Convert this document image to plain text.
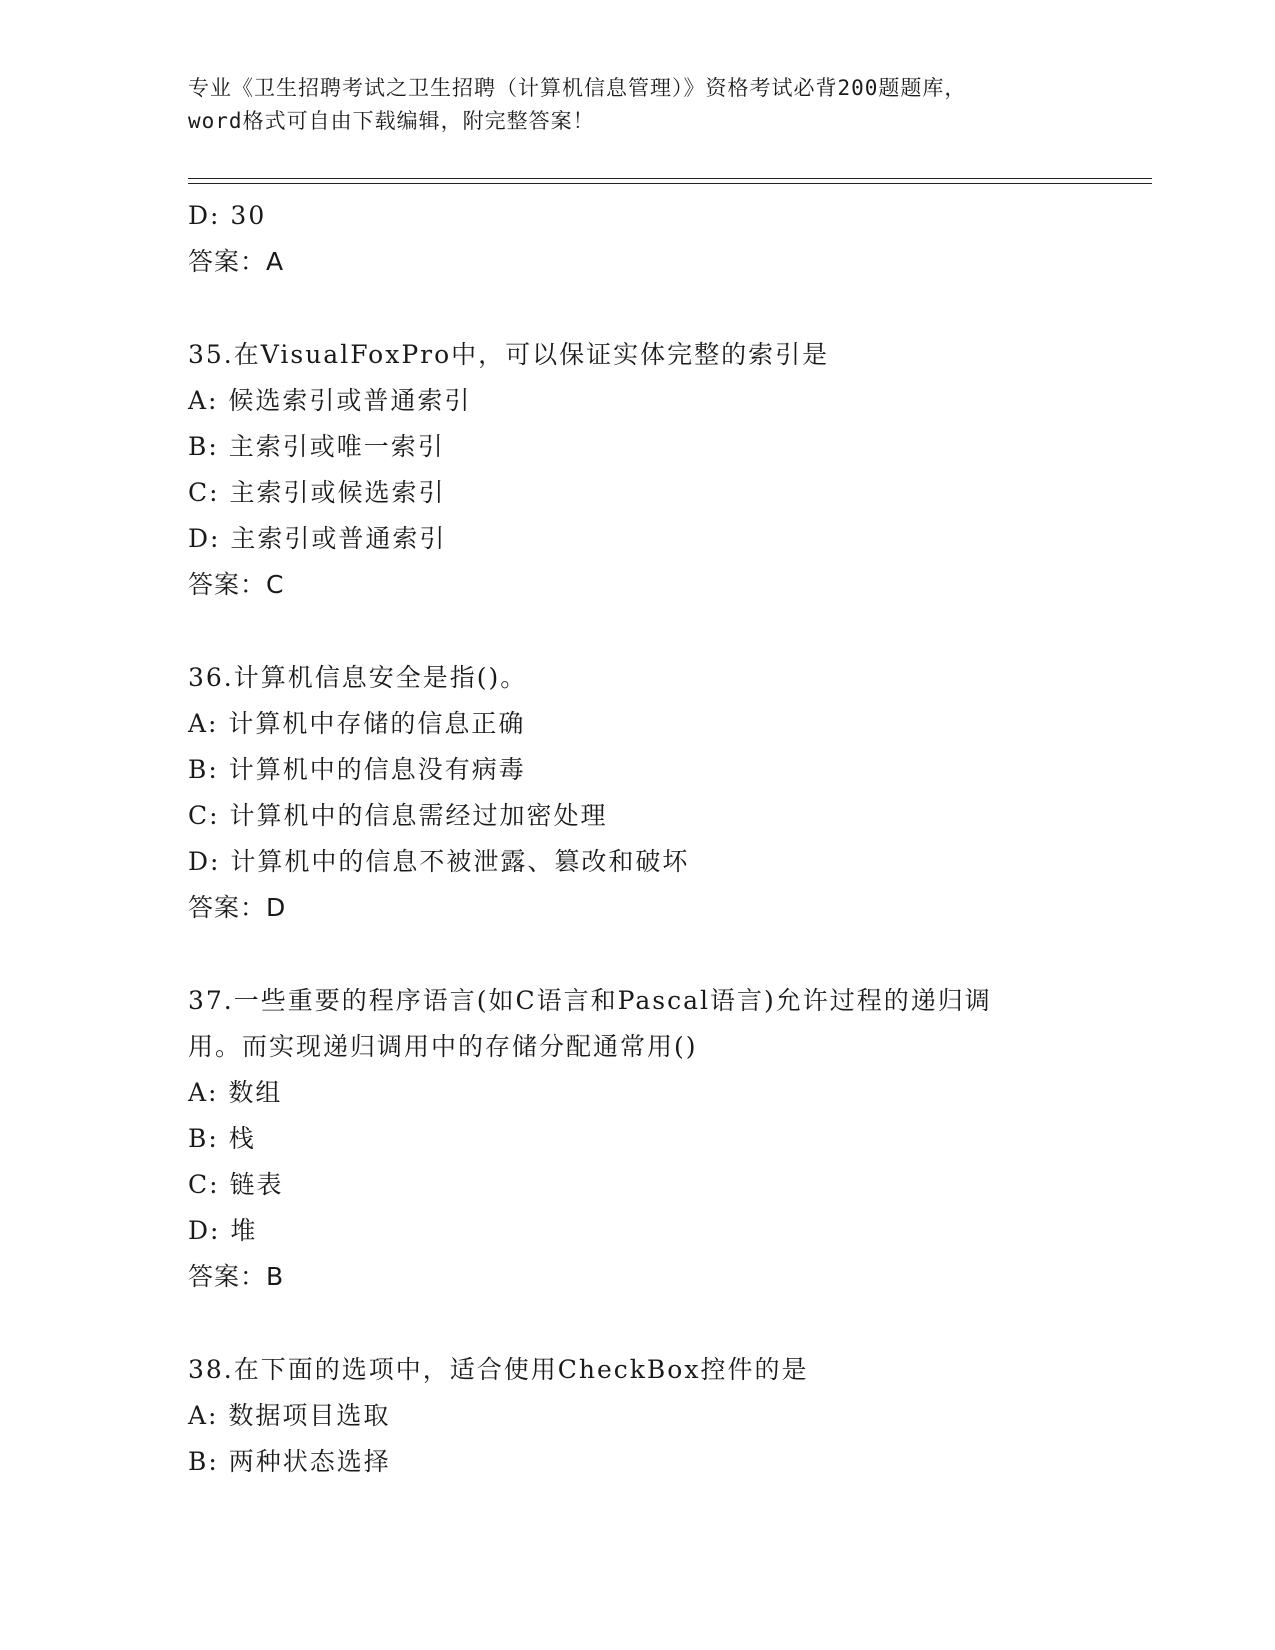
专业《卫生招聘考试之卫生招聘（计算机信息管理）》资格考试必背200题题库，
word格式可自由下载编辑，附完整答案！
D: 30
答案：A
35.在VisualFoxPro中，可以保证实体完整的索引是
A: 候选索引或普通索引
B: 主索引或唯一索引
C: 主索引或候选索引
D: 主索引或普通索引
答案：C
36.计算机信息安全是指()。
A: 计算机中存储的信息正确
B: 计算机中的信息没有病毒
C: 计算机中的信息需经过加密处理
D: 计算机中的信息不被泄露、篡改和破坏
答案：D
37.一些重要的程序语言(如C语言和Pascal语言)允许过程的递归调
用。而实现递归调用中的存储分配通常用()
A: 数组
B: 栈
C: 链表
D: 堆
答案：B
38.在下面的选项中，适合使用CheckBox控件的是
A: 数据项目选取
B: 两种状态选择
